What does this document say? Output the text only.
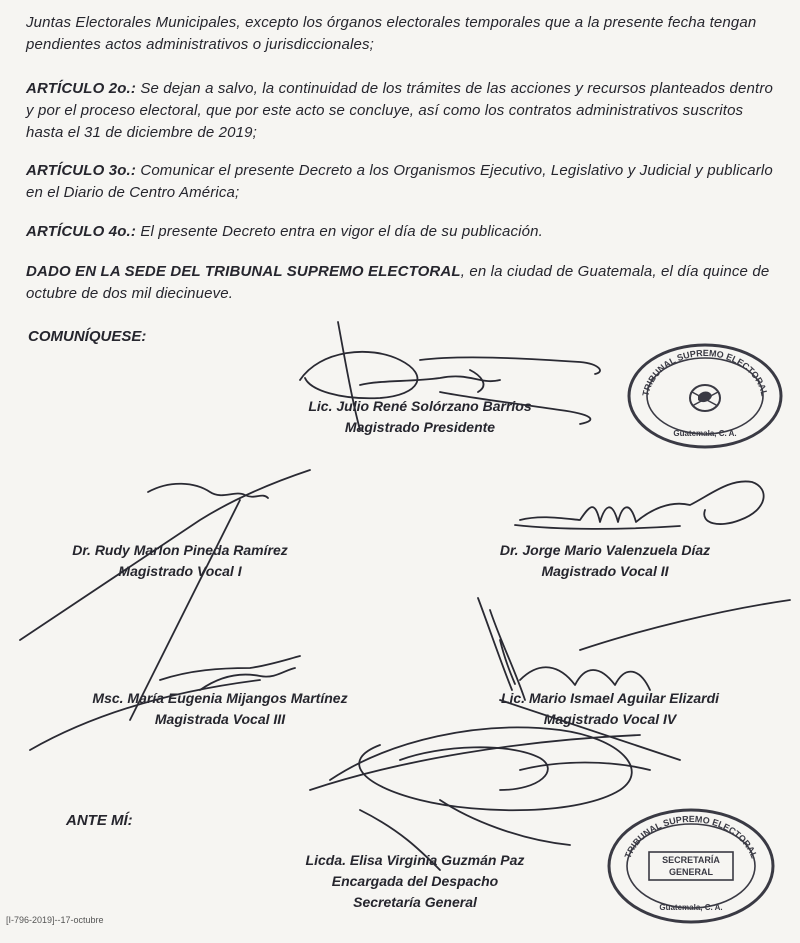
Juntas Electorales Municipales, excepto los órganos electorales temporales que a la presente fecha tengan pendientes actos administrativos o jurisdiccionales;
ARTÍCULO 2o.: Se dejan a salvo, la continuidad de los trámites de las acciones y recursos planteados dentro y por el proceso electoral, que por este acto se concluye, así como los contratos administrativos suscritos hasta el 31 de diciembre de 2019;
ARTÍCULO 3o.: Comunicar el presente Decreto a los Organismos Ejecutivo, Legislativo y Judicial y publicarlo en el Diario de Centro América;
ARTÍCULO 4o.: El presente Decreto entra en vigor el día de su publicación.
DADO EN LA SEDE DEL TRIBUNAL SUPREMO ELECTORAL, en la ciudad de Guatemala, el día quince de octubre de dos mil diecinueve.
COMUNÍQUESE:
Lic. Julio René Solórzano Barrios
Magistrado Presidente
Dr. Rudy Marlon Pineda Ramírez
Magistrado Vocal I
Dr. Jorge Mario Valenzuela Díaz
Magistrado Vocal II
Msc. María Eugenia Mijangos Martínez
Magistrada Vocal III
Lic. Mario Ismael Aguilar Elizardi
Magistrado Vocal IV
ANTE MÍ:
Licda. Elisa Virginia Guzmán Paz
Encargada del Despacho
Secretaría General
TRIBUNAL SUPREMO ELECTORAL
Guatemala, C. A.
TRIBUNAL SUPREMO ELECTORAL
SECRETARÍA GENERAL
Guatemala, C. A.
[I-796-2019]--17-octubre
